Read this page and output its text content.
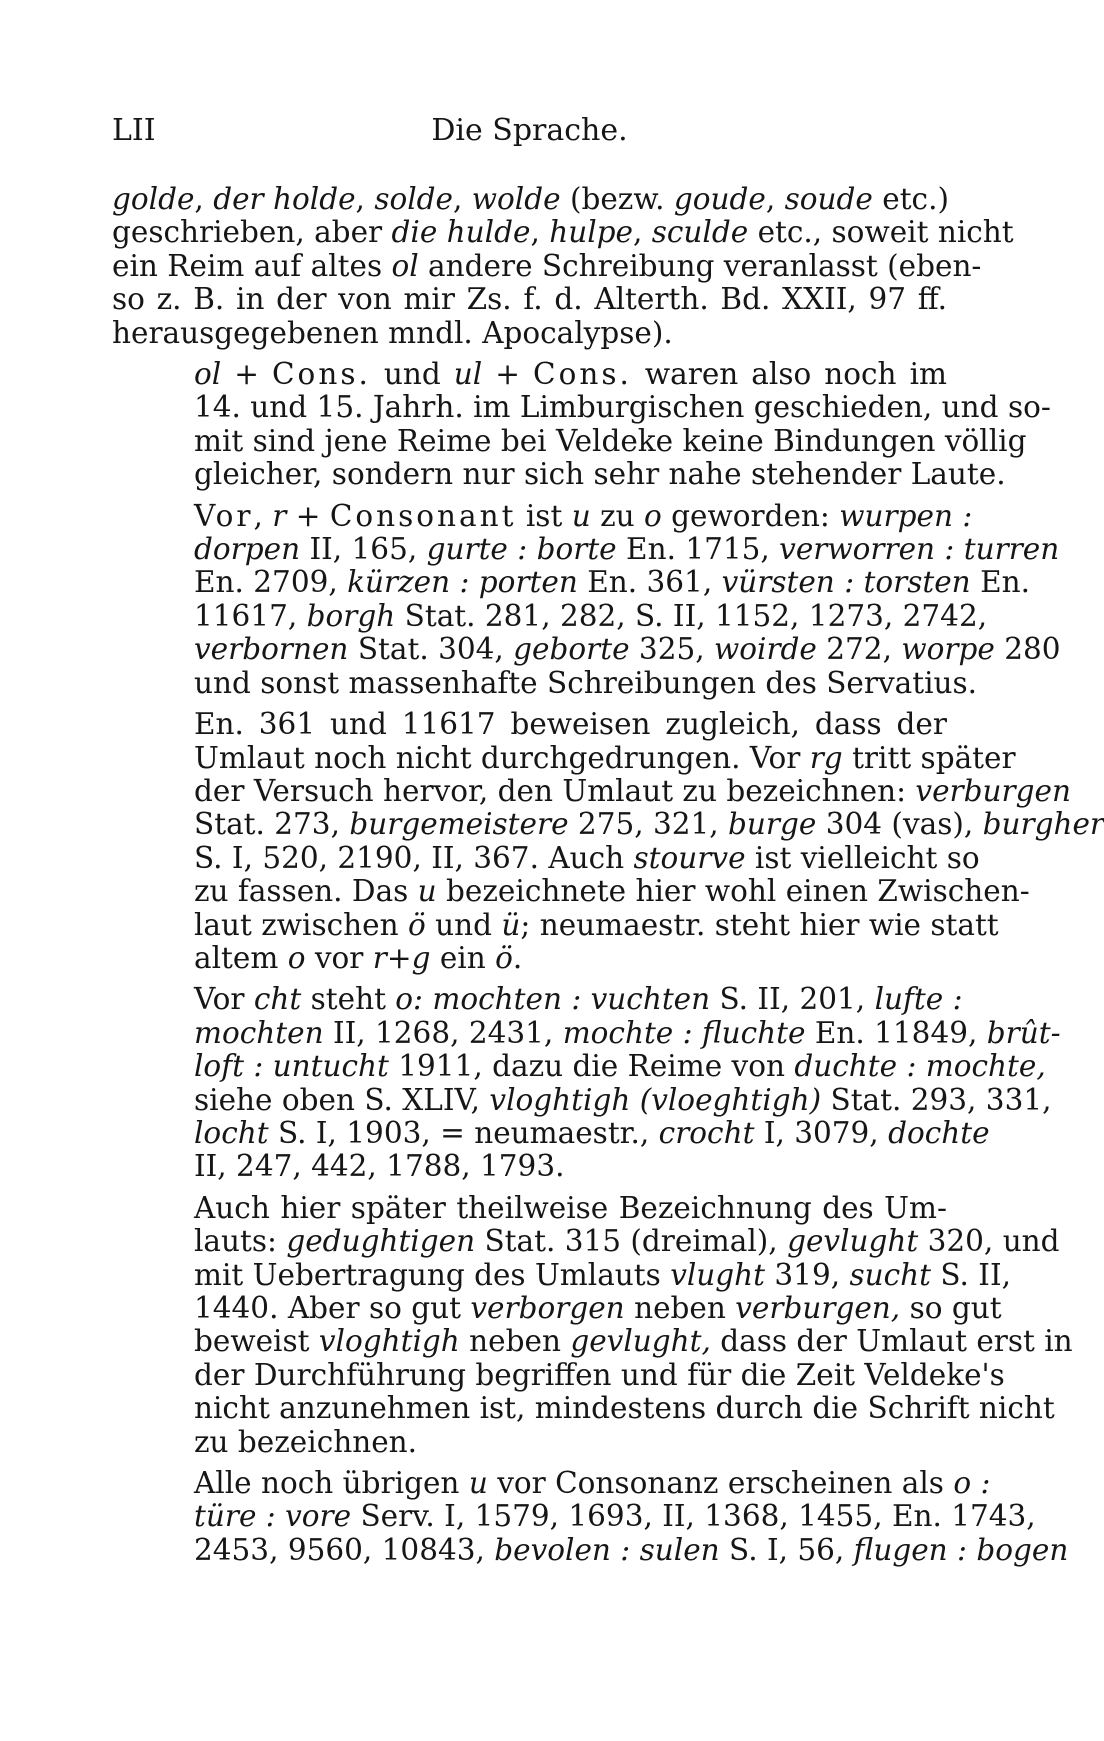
LII	Die Sprache.
golde, der holde, solde, wolde (bezw. goude, soude etc.)
geschrieben, aber die hulde, hulpe, sculde etc., soweit nicht
ein Reim auf altes ol andere Schreibung veranlasst (eben-
so z. B. in der von mir Zs. f. d. Alterth. Bd. XXII, 97 ff.
herausgegebenen mndl. Apocalypse).
ol + Cons. und ul + Cons. waren also noch im
14. und 15. Jahrh. im Limburgischen geschieden, und so-
mit sind jene Reime bei Veldeke keine Bindungen völlig
gleicher, sondern nur sich sehr nahe stehender Laute.
Vor, r + Consonant ist u zu o geworden: wurpen :
dorpen II, 165, gurte : borte En. 1715, verworren : turren
En. 2709, kürzen : porten En. 361, vürsten : torsten En.
11617, borgh Stat. 281, 282, S. II, 1152, 1273, 2742,
verbornen Stat. 304, geborte 325, woirde 272, worpe 280
und sonst massenhafte Schreibungen des Servatius.
En. 361 und 11617 beweisen zugleich, dass der
Umlaut noch nicht durchgedrungen. Vor rg tritt später
der Versuch hervor, den Umlaut zu bezeichnen: verburgen
Stat. 273, burgemeistere 275, 321, burge 304 (vas), burgher
S. I, 520, 2190, II, 367. Auch stourve ist vielleicht so
zu fassen. Das u bezeichnete hier wohl einen Zwischen-
laut zwischen ö und ü; neumaestr. steht hier wie statt
altem o vor r+g ein ö.
Vor cht steht o: mochten : vuchten S. II, 201, lufte :
mochten II, 1268, 2431, mochte : fluchte En. 11849, brût-
loft : untucht 1911, dazu die Reime von duchte : mochte,
siehe oben S. XLIV, vloghtigh (vloeghtigh) Stat. 293, 331,
locht S. I, 1903, = neumaestr., crocht I, 3079, dochte
II, 247, 442, 1788, 1793.
Auch hier später theilweise Bezeichnung des Um-
lauts: gedughtigen Stat. 315 (dreimal), gevlught 320, und
mit Uebertragung des Umlauts vlught 319, sucht S. II,
1440. Aber so gut verborgen neben verburgen, so gut
beweist vloghtigh neben gevlught, dass der Umlaut erst in
der Durchführung begriffen und für die Zeit Veldeke's
nicht anzunehmen ist, mindestens durch die Schrift nicht
zu bezeichnen.
Alle noch übrigen u vor Consonanz erscheinen als o :
türe : vore Serv. I, 1579, 1693, II, 1368, 1455, En. 1743,
2453, 9560, 10843, bevolen : sulen S. I, 56, flugen : bogen
